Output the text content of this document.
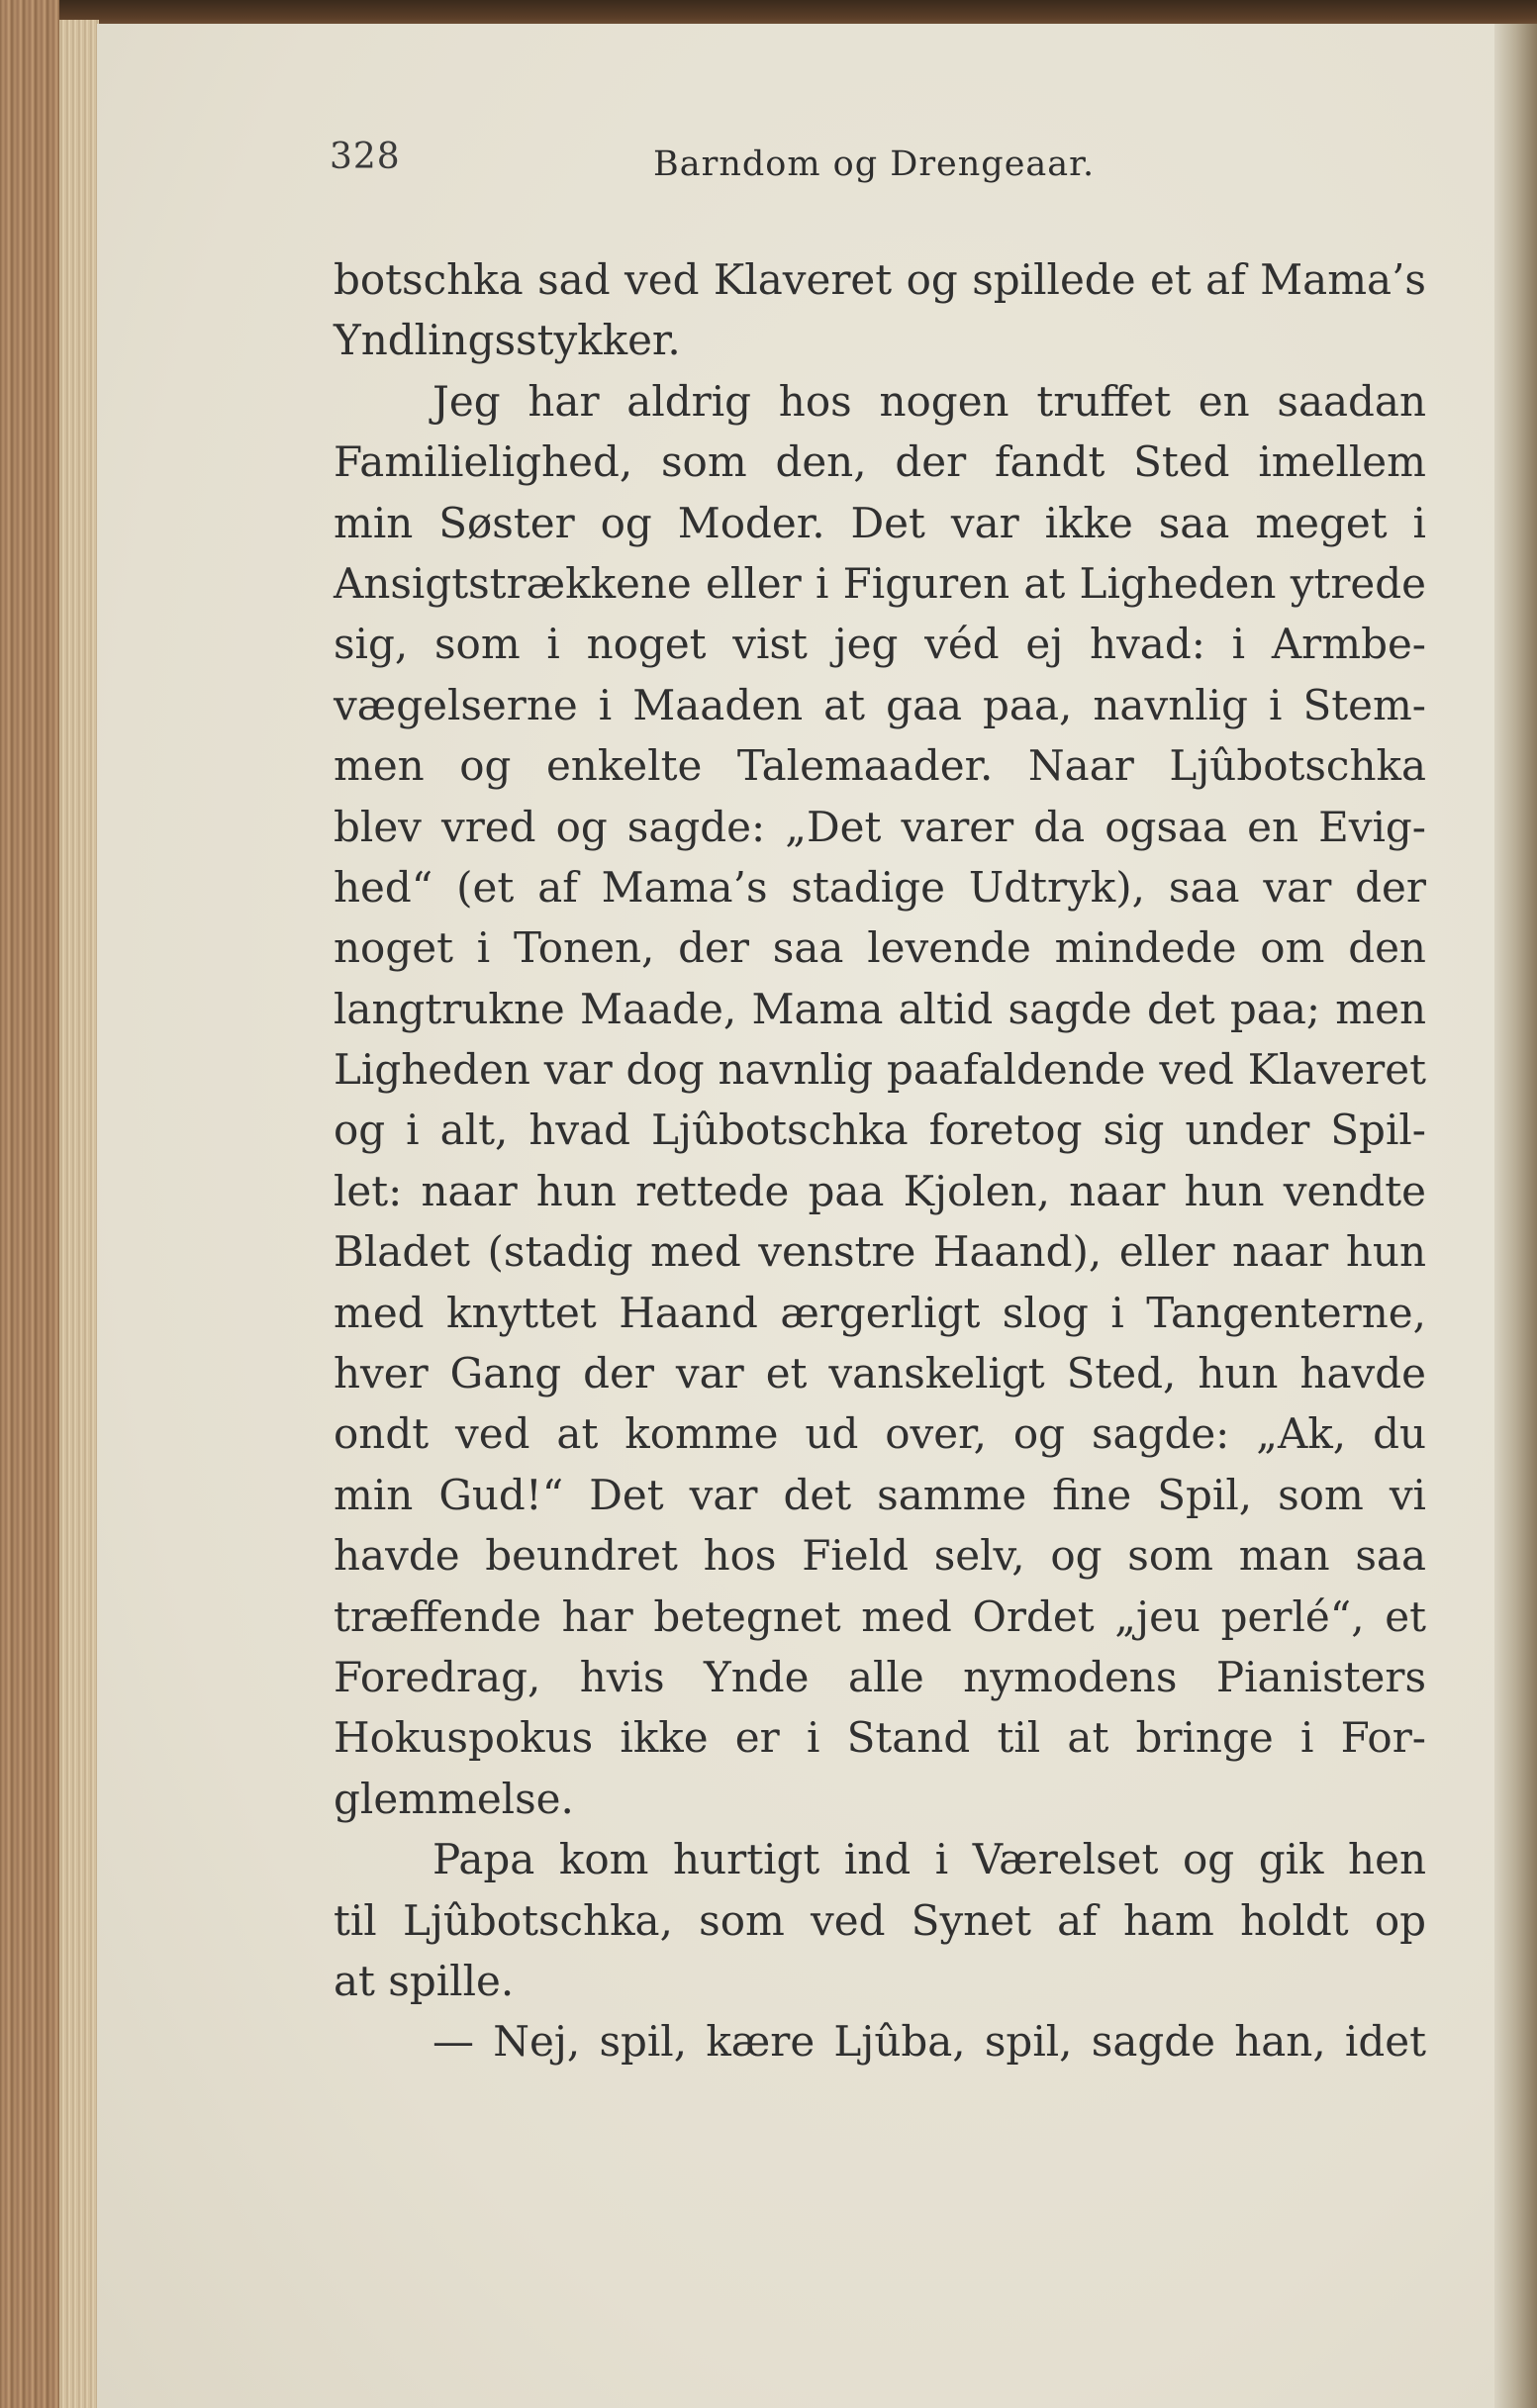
328	Barndom og Drengeaar.
botschka sad ved Klaveret og spillede et af Mama’s
Yndlingsstykker.
Jeg har aldrig hos nogen truffet en saadan
Familielighed, som den, der fandt Sted imellem
min Søster og Moder. Det var ikke saa meget i
Ansigtstrækkene eller i Figuren at Ligheden ytrede
sig, som i noget vist jeg véd ej hvad: i Armbe-
vægelserne i Maaden at gaa paa, navnlig i Stem-
men og enkelte Talemaader. Naar Ljûbotschka
blev vred og sagde: „Det varer da ogsaa en Evig-
hed“ (et af Mama’s stadige Udtryk), saa var der
noget i Tonen, der saa levende mindede om den
langtrukne Maade, Mama altid sagde det paa; men
Ligheden var dog navnlig paafaldende ved Klaveret
og i alt, hvad Ljûbotschka foretog sig under Spil-
let: naar hun rettede paa Kjolen, naar hun vendte
Bladet (stadig med venstre Haand), eller naar hun
med knyttet Haand ærgerligt slog i Tangenterne,
hver Gang der var et vanskeligt Sted, hun havde
ondt ved at komme ud over, og sagde: „Ak, du
min Gud!“ Det var det samme fine Spil, som vi
havde beundret hos Field selv, og som man saa
træffende har betegnet med Ordet „jeu perlé“, et
Foredrag, hvis Ynde alle nymodens Pianisters
Hokuspokus ikke er i Stand til at bringe i For-
glemmelse.
Papa kom hurtigt ind i Værelset og gik hen
til Ljûbotschka, som ved Synet af ham holdt op
at spille.
— Nej, spil, kære Ljûba, spil, sagde han, idet
